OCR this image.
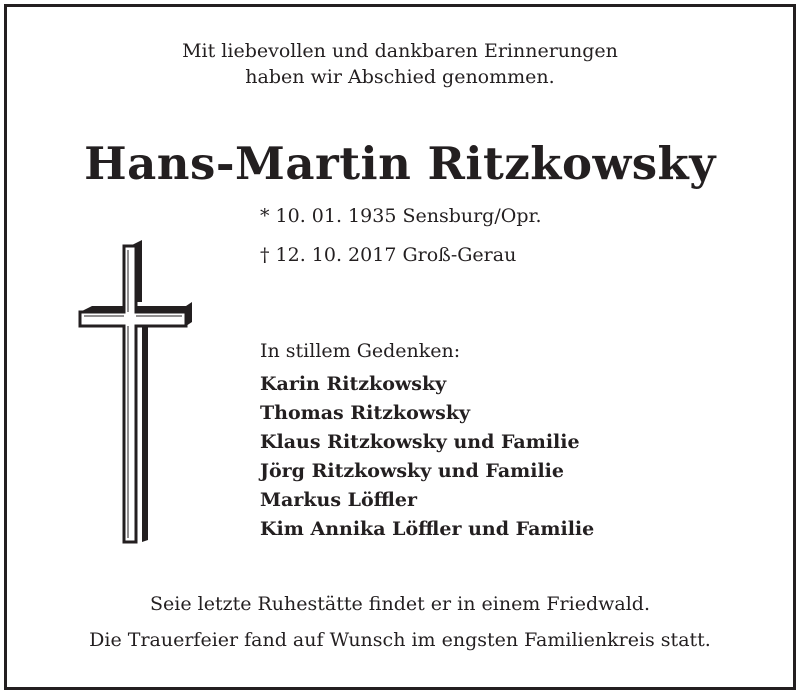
Mit liebevollen und dankbaren Erinnerungen
haben wir Abschied genommen.
Hans-Martin Ritzkowsky
* 10. 01. 1935 Sensburg/Opr.
† 12. 10. 2017 Groß-Gerau
In stillem Gedenken:
Karin Ritzkowsky
Thomas Ritzkowsky
Klaus Ritzkowsky und Familie
Jörg Ritzkowsky und Familie
Markus Löffler
Kim Annika Löffler und Familie
Seie letzte Ruhestätte findet er in einem Friedwald.
Die Trauerfeier fand auf Wunsch im engsten Familienkreis statt.
